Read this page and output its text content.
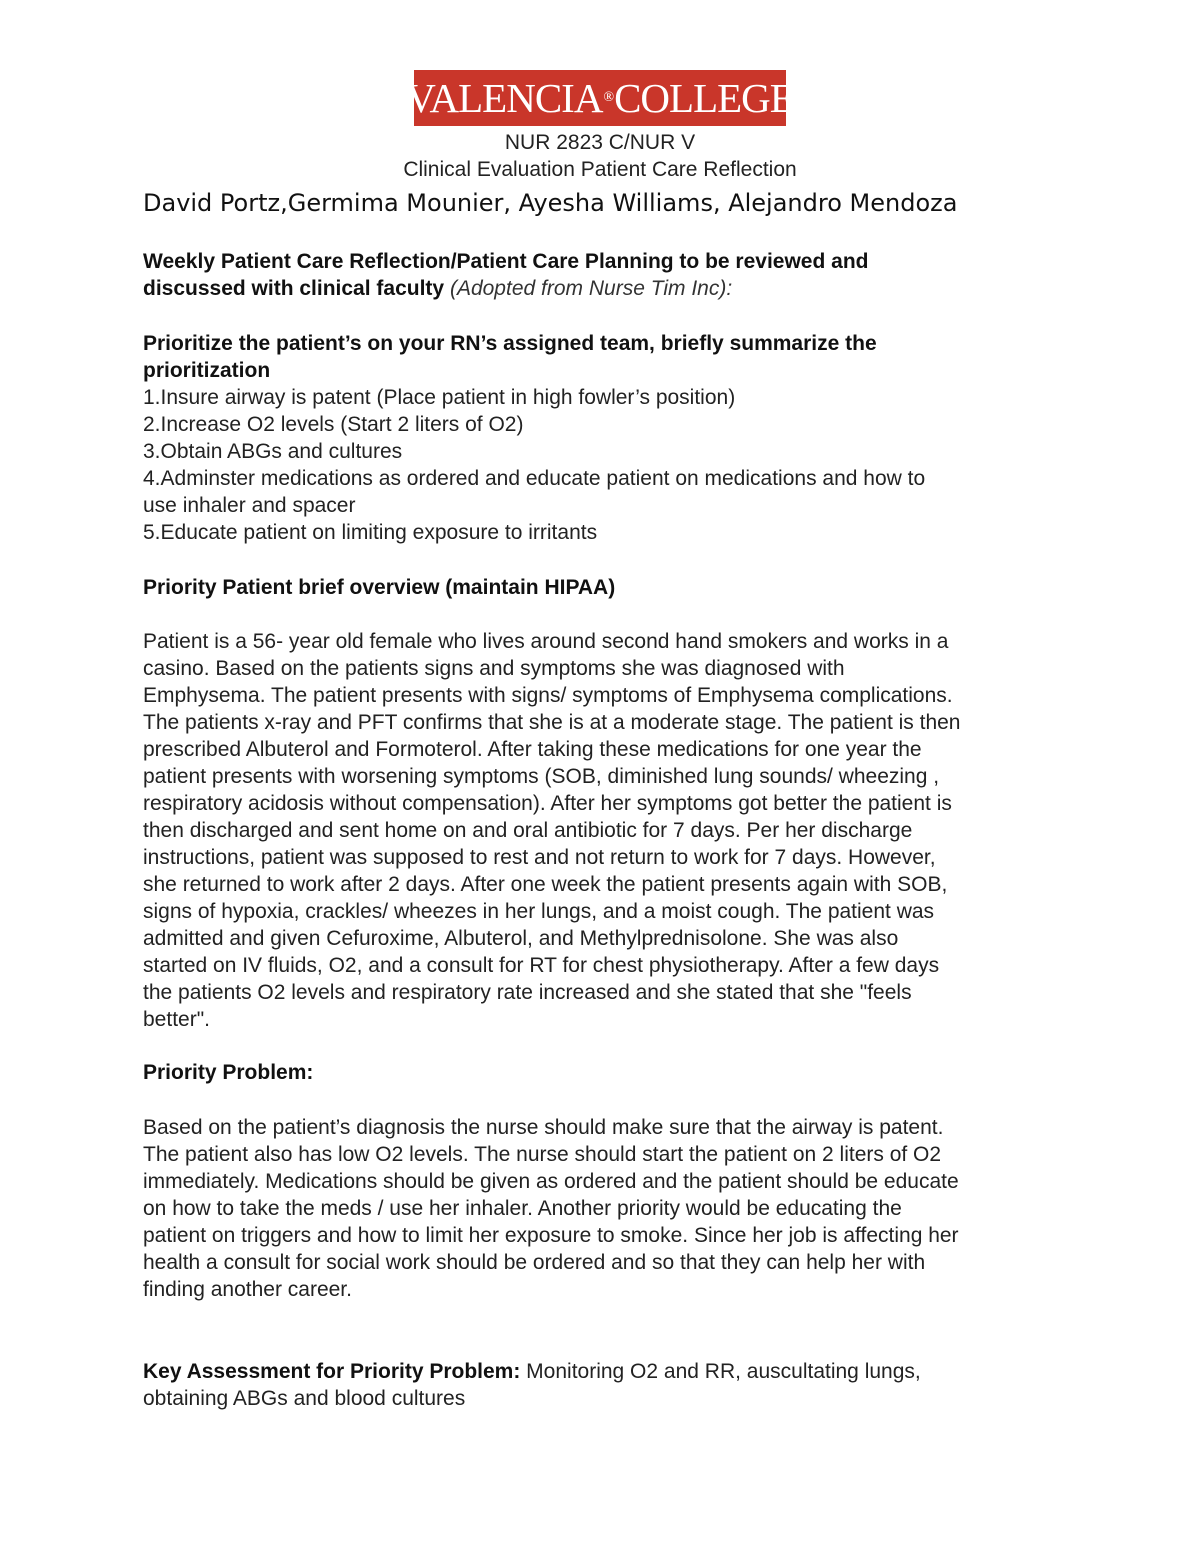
VALENCIA ® COLLEGE
NUR 2823 C/NUR V
Clinical Evaluation Patient Care Reflection
David Portz,Germima Mounier, Ayesha Williams, Alejandro Mendoza
Weekly Patient Care Reflection/Patient Care Planning to be reviewed and
discussed with clinical faculty (Adopted from Nurse Tim Inc):
Prioritize the patient’s on your RN’s assigned team, briefly summarize the
prioritization
1.Insure airway is patent (Place patient in high fowler’s position)
2.Increase O2 levels (Start 2 liters of O2)
3.Obtain ABGs and cultures
4.Adminster medications as ordered and educate patient on medications and how to
use inhaler and spacer
5.Educate patient on limiting exposure to irritants
Priority Patient brief overview (maintain HIPAA)
Patient is a 56- year old female who lives around second hand smokers and works in a
casino. Based on the patients signs and symptoms she was diagnosed with
Emphysema. The patient presents with signs/ symptoms of Emphysema complications.
The patients x-ray and PFT confirms that she is at a moderate stage. The patient is then
prescribed Albuterol and Formoterol. After taking these medications for one year the
patient presents with worsening symptoms (SOB, diminished lung sounds/ wheezing ,
respiratory acidosis without compensation). After her symptoms got better the patient is
then discharged and sent home on and oral antibiotic for 7 days. Per her discharge
instructions, patient was supposed to rest and not return to work for 7 days. However,
she returned to work after 2 days. After one week the patient presents again with SOB,
signs of hypoxia, crackles/ wheezes in her lungs, and a moist cough. The patient was
admitted and given Cefuroxime, Albuterol, and Methylprednisolone. She was also
started on IV fluids, O2, and a consult for RT for chest physiotherapy. After a few days
the patients O2 levels and respiratory rate increased and she stated that she "feels
better".
Priority Problem:
Based on the patient’s diagnosis the nurse should make sure that the airway is patent.
The patient also has low O2 levels. The nurse should start the patient on 2 liters of O2
immediately. Medications should be given as ordered and the patient should be educate
on how to take the meds / use her inhaler. Another priority would be educating the
patient on triggers and how to limit her exposure to smoke. Since her job is affecting her
health a consult for social work should be ordered and so that they can help her with
finding another career.
Key Assessment for Priority Problem: Monitoring O2 and RR, auscultating lungs,
obtaining ABGs and blood cultures
